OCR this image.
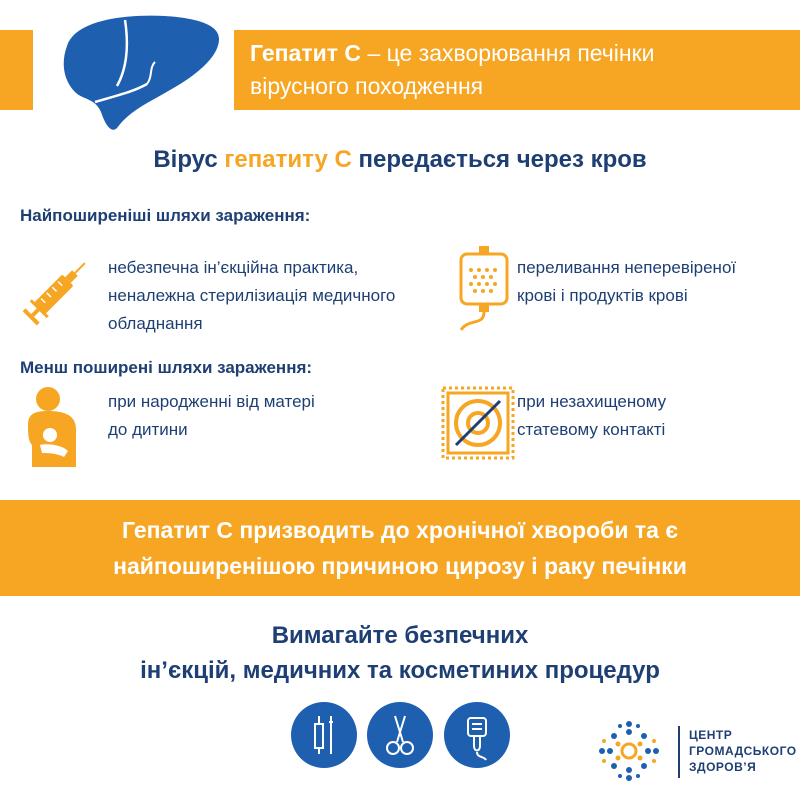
Гепатит С – це захворювання печінки
вірусного походження
Вірус гепатиту С передається через кров
Найпоширеніші шляхи зараження:
небезпечна ін’єкційна практика,
неналежна стерилізиація медичного
обладнання
переливання неперевіреної
крові і продуктів крові
Менш поширені шляхи зараження:
при народженні від матері
до дитини
при незахищеному
статевому контакті
Гепатит С призводить до хронічної хвороби та є
найпоширенішою причиною цирозу і раку печінки
Вимагайте безпечних
ін’єкцій, медичних та косметиних процедур
ЦЕНТР
ГРОМАДСЬКОГО
ЗДОРОВ’Я
